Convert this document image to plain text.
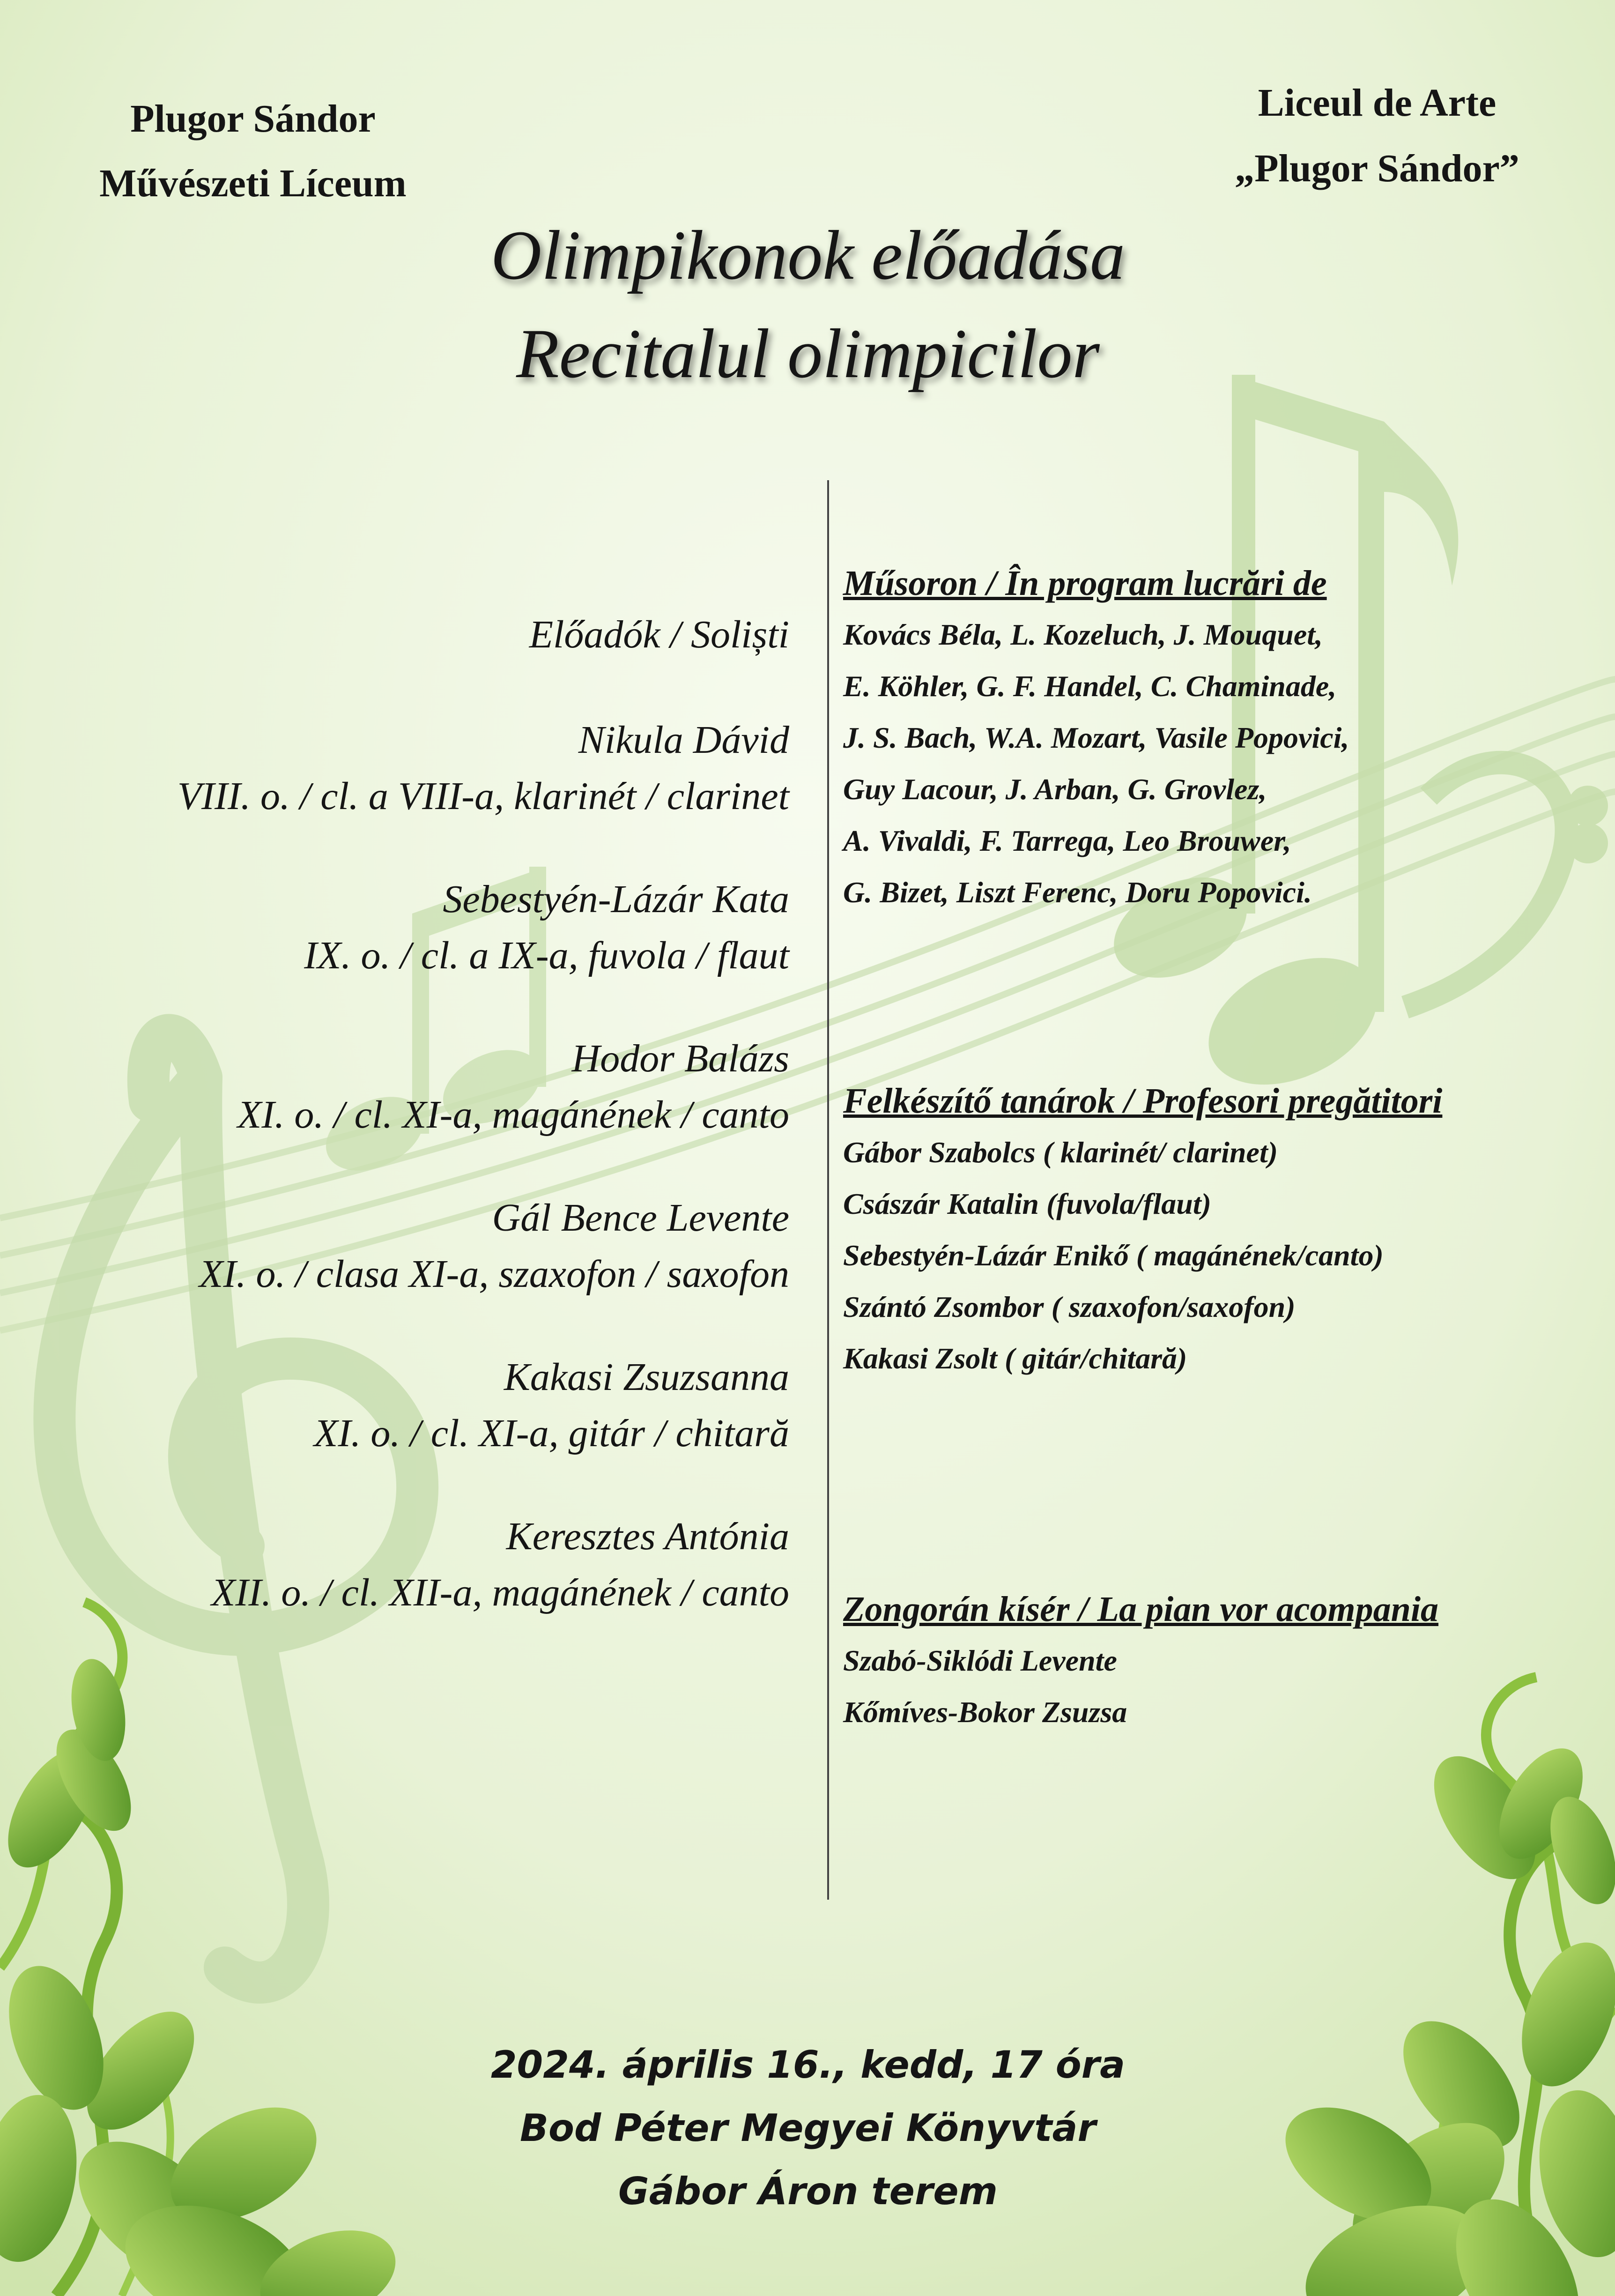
Plugor Sándor
Művészeti Líceum
Liceul de Arte
„Plugor Sándor”
Olimpikonok előadása
Recitalul olimpicilor
Előadók / Soliști
Nikula Dávid
VIII. o. / cl. a VIII-a, klarinét / clarinet
Sebestyén-Lázár Kata
IX. o. / cl. a IX-a, fuvola / flaut
Hodor Balázs
XI. o. / cl. XI-a, magánének / canto
Gál Bence Levente
XI. o. / clasa XI-a, szaxofon / saxofon
Kakasi Zsuzsanna
XI. o. / cl. XI-a, gitár / chitară
Keresztes Antónia
XII. o. / cl. XII-a, magánének / canto
Műsoron / În program lucrări de
Kovács Béla, L. Kozeluch, J. Mouquet,
E. Köhler, G. F. Handel, C. Chaminade,
J. S. Bach, W.A. Mozart, Vasile Popovici,
Guy Lacour, J. Arban, G. Grovlez,
A. Vivaldi, F. Tarrega, Leo Brouwer,
G. Bizet, Liszt Ferenc, Doru Popovici.
Felkészítő tanárok / Profesori pregătitori
Gábor Szabolcs ( klarinét/ clarinet)
Császár Katalin (fuvola/flaut)
Sebestyén-Lázár Enikő ( magánének/canto)
Szántó Zsombor ( szaxofon/saxofon)
Kakasi Zsolt ( gitár/chitară)
Zongorán kísér / La pian vor acompania
Szabó-Siklódi Levente
Kőmíves-Bokor Zsuzsa
2024. április 16., kedd, 17 óra
Bod Péter Megyei Könyvtár
Gábor Áron terem
